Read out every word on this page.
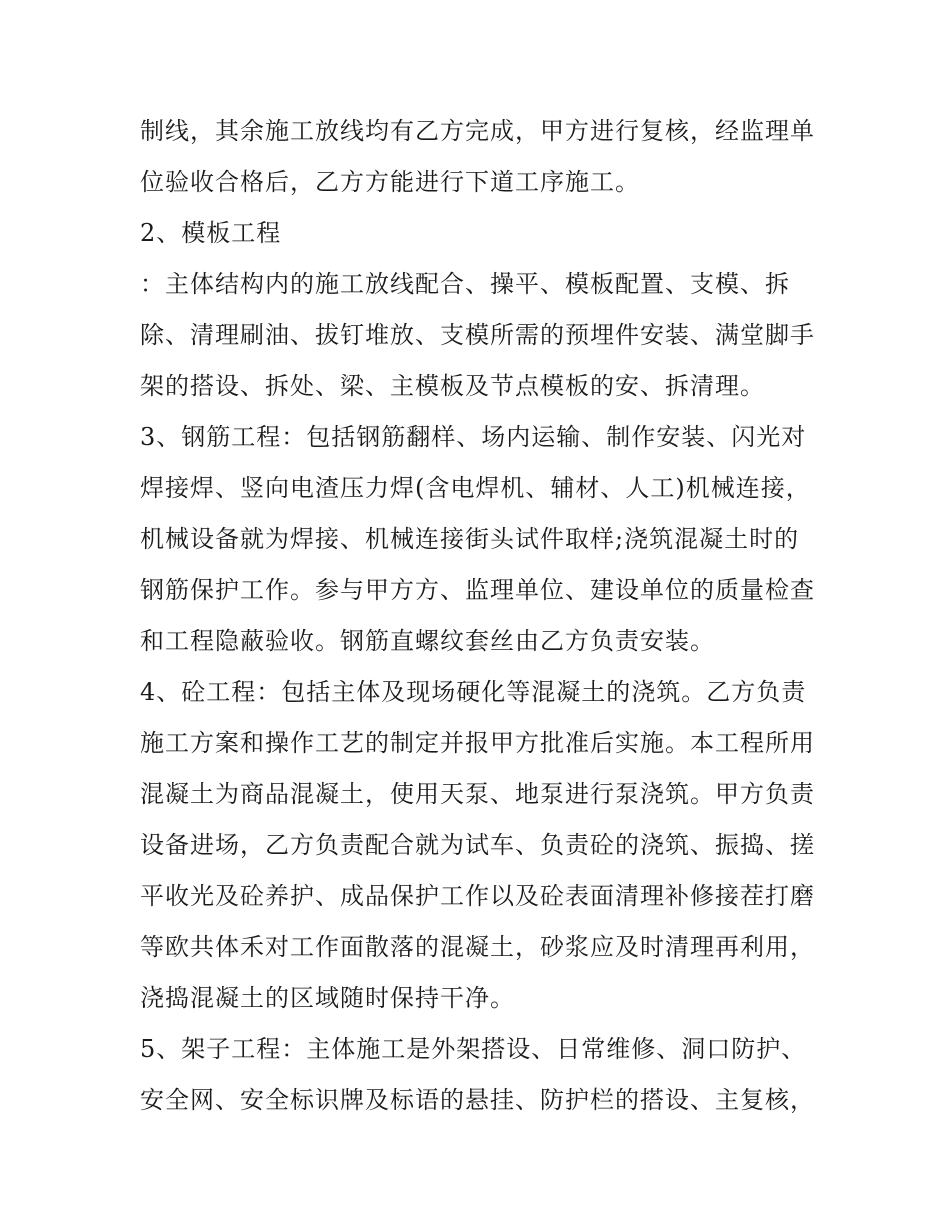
制线，其余施工放线均有乙方完成，甲方进行复核，经监理单
位验收合格后，乙方方能进行下道工序施工。
2、模板工程
：主体结构内的施工放线配合、操平、模板配置、支模、拆
除、清理刷油、拔钉堆放、支模所需的预埋件安装、满堂脚手
架的搭设、拆处、梁、主模板及节点模板的安、拆清理。
3、钢筋工程：包括钢筋翻样、场内运输、制作安装、闪光对
焊接焊、竖向电渣压力焊(含电焊机、辅材、人工)机械连接，
机械设备就为焊接、机械连接街头试件取样;浇筑混凝土时的
钢筋保护工作。参与甲方方、监理单位、建设单位的质量检查
和工程隐蔽验收。钢筋直螺纹套丝由乙方负责安装。
4、砼工程：包括主体及现场硬化等混凝土的浇筑。乙方负责
施工方案和操作工艺的制定并报甲方批准后实施。本工程所用
混凝土为商品混凝土，使用天泵、地泵进行泵浇筑。甲方负责
设备进场，乙方负责配合就为试车、负责砼的浇筑、振捣、搓
平收光及砼养护、成品保护工作以及砼表面清理补修接茬打磨
等欧共体禾对工作面散落的混凝土，砂浆应及时清理再利用，
浇捣混凝土的区域随时保持干净。
5、架子工程：主体施工是外架搭设、日常维修、洞口防护、
安全网、安全标识牌及标语的悬挂、防护栏的搭设、主复核，
